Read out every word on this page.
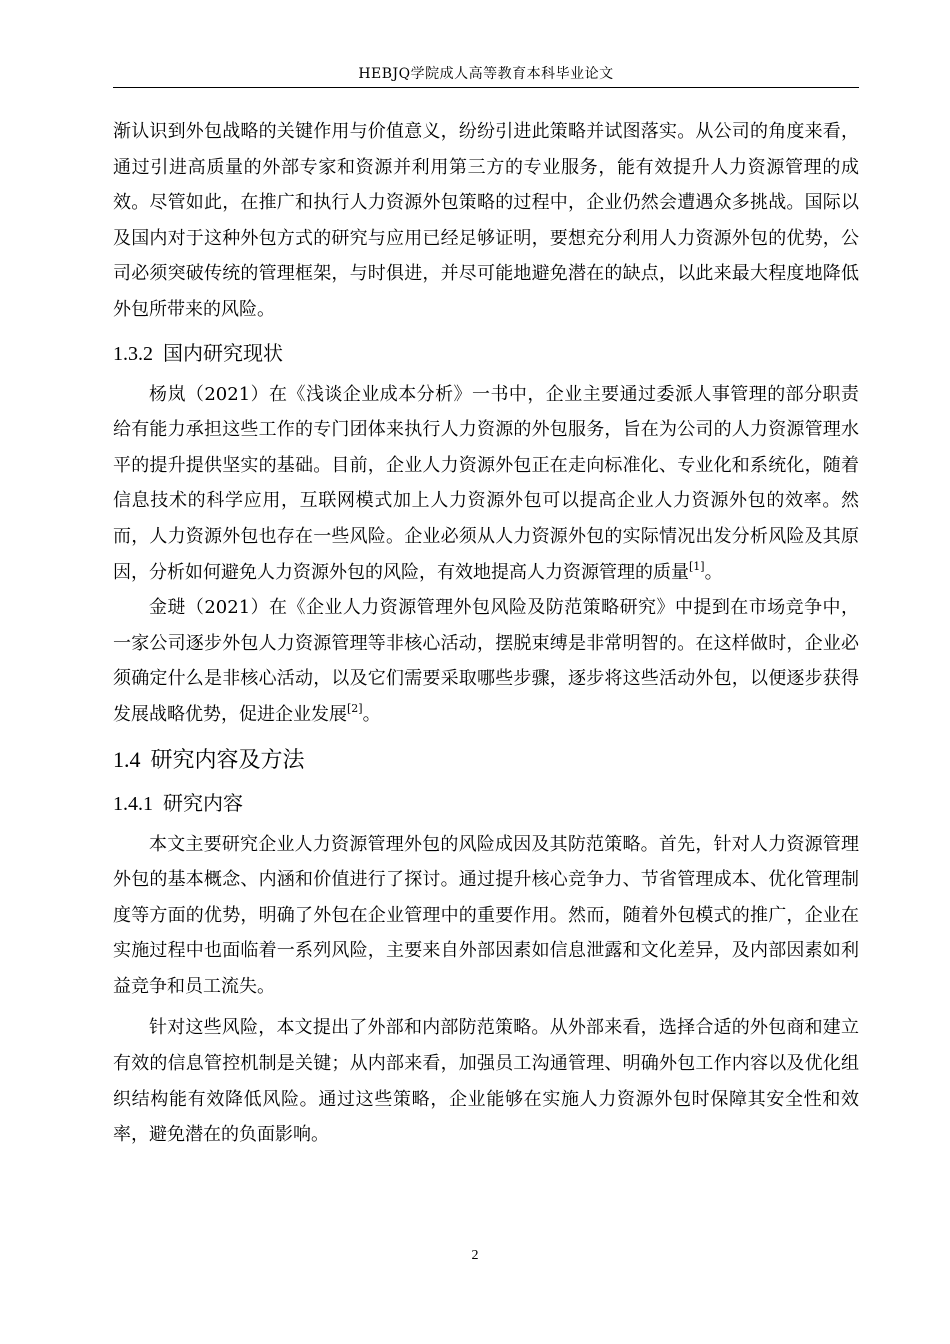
HEBJQ学院成人高等教育本科毕业论文

渐认识到外包战略的关键作用与价值意义，纷纷引进此策略并试图落实。从公司的角度来看，通过引进高质量的外部专家和资源并利用第三方的专业服务，能有效提升人力资源管理的成效。尽管如此，在推广和执行人力资源外包策略的过程中，企业仍然会遭遇众多挑战。国际以及国内对于这种外包方式的研究与应用已经足够证明，要想充分利用人力资源外包的优势，公司必须突破传统的管理框架，与时俱进，并尽可能地避免潜在的缺点，以此来最大程度地降低外包所带来的风险。

1.3.2 国内研究现状

杨岚（2021）在《浅谈企业成本分析》一书中，企业主要通过委派人事管理的部分职责给有能力承担这些工作的专门团体来执行人力资源的外包服务，旨在为公司的人力资源管理水平的提升提供坚实的基础。目前，企业人力资源外包正在走向标准化、专业化和系统化，随着信息技术的科学应用，互联网模式加上人力资源外包可以提高企业人力资源外包的效率。然而，人力资源外包也存在一些风险。企业必须从人力资源外包的实际情况出发分析风险及其原因，分析如何避免人力资源外包的风险，有效地提高人力资源管理的质量[1]。

金琎（2021）在《企业人力资源管理外包风险及防范策略研究》中提到在市场竞争中，一家公司逐步外包人力资源管理等非核心活动，摆脱束缚是非常明智的。在这样做时，企业必须确定什么是非核心活动，以及它们需要采取哪些步骤，逐步将这些活动外包，以便逐步获得发展战略优势，促进企业发展[2]。

1.4 研究内容及方法
1.4.1 研究内容

本文主要研究企业人力资源管理外包的风险成因及其防范策略。首先，针对人力资源管理外包的基本概念、内涵和价值进行了探讨。通过提升核心竞争力、节省管理成本、优化管理制度等方面的优势，明确了外包在企业管理中的重要作用。然而，随着外包模式的推广，企业在实施过程中也面临着一系列风险，主要来自外部因素如信息泄露和文化差异，及内部因素如利益竞争和员工流失。

针对这些风险，本文提出了外部和内部防范策略。从外部来看，选择合适的外包商和建立有效的信息管控机制是关键；从内部来看，加强员工沟通管理、明确外包工作内容以及优化组织结构能有效降低风险。通过这些策略，企业能够在实施人力资源外包时保障其安全性和效率，避免潜在的负面影响。

2
